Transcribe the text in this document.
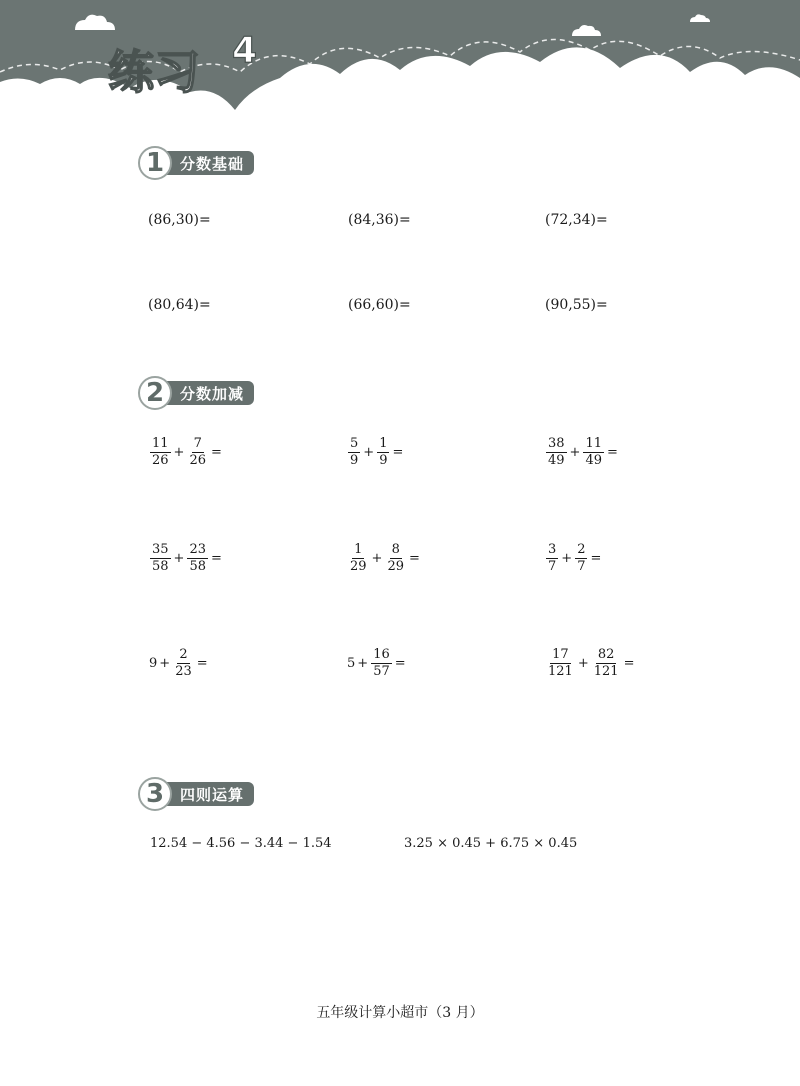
练习 4
1	分数基础
(86,30)=	(84,36)=	(72,34)=
(80,64)=	(66,60)=	(90,55)=
2	分数加减
$\frac{11}{26} + \frac{7}{26}$ =	$\frac{5}{9} + \frac{1}{9}$ =	$\frac{38}{49} + \frac{11}{49}$ =
$\frac{35}{58} + \frac{23}{58}$ =	$\frac{1}{29} + \frac{8}{29}$ =	$\frac{3}{7} + \frac{2}{7}$ =
$9 + \frac{2}{23}$ =	$5 + \frac{16}{57}$ =	$\frac{17}{121} + \frac{82}{121}$ =
3	四则运算
12.54 − 4.56 − 3.44 − 1.54	3.25 × 0.45 + 6.75 × 0.45
五年级计算小超市（3 月）
